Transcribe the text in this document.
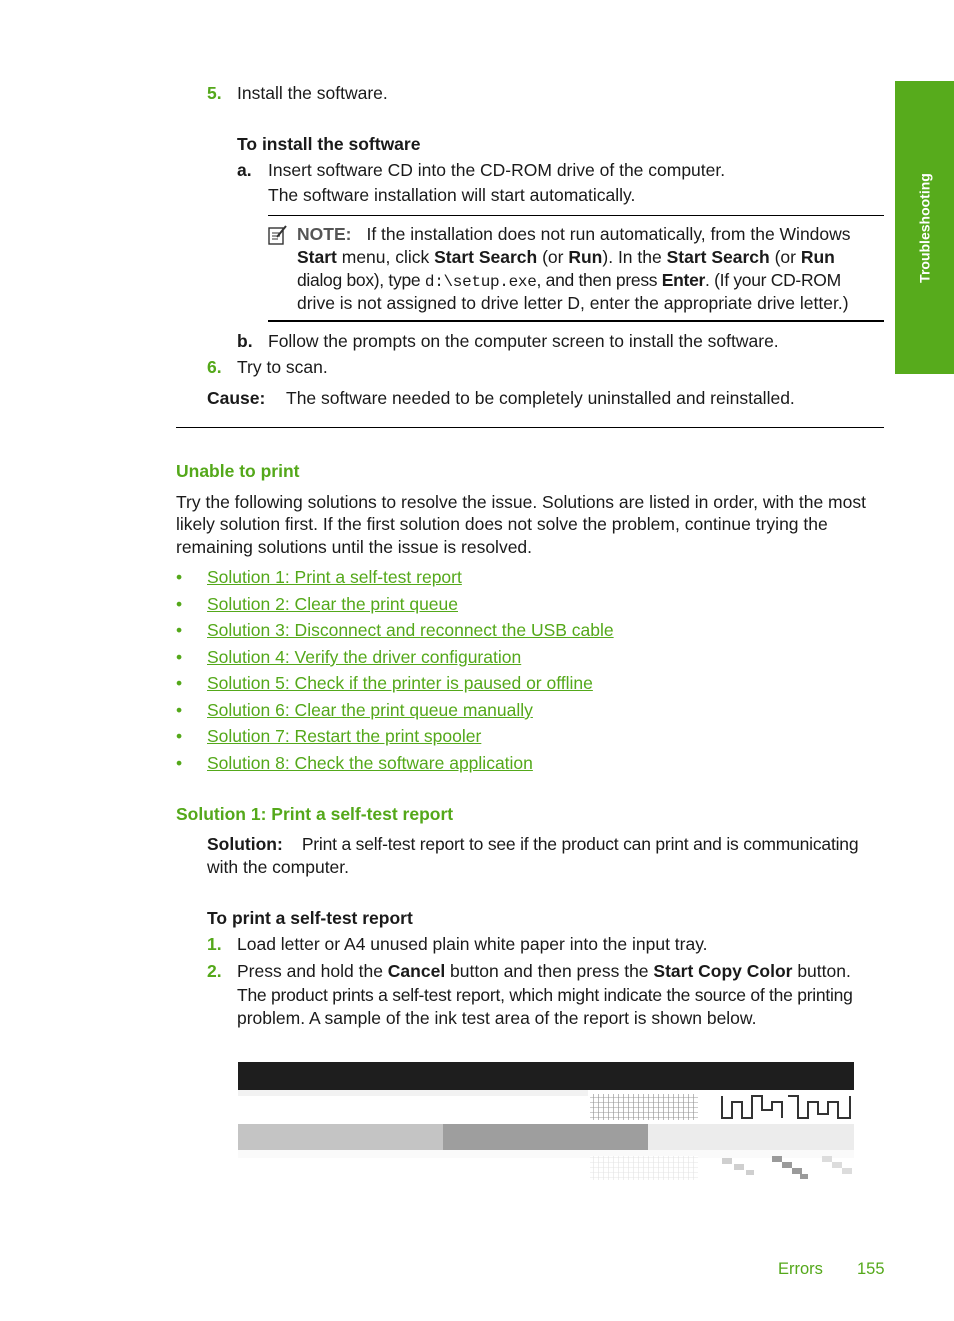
Troubleshooting
5. Install the software.
To install the software
a. Insert software CD into the CD-ROM drive of the computer.
The software installation will start automatically.
NOTE: If the installation does not run automatically, from the Windows
Start menu, click Start Search (or Run). In the Start Search (or Run
dialog box), type d:\setup.exe, and then press Enter. (If your CD-ROM
drive is not assigned to drive letter D, enter the appropriate drive letter.)
b. Follow the prompts on the computer screen to install the software.
6. Try to scan.
Cause: The software needed to be completely uninstalled and reinstalled.
Unable to print
Try the following solutions to resolve the issue. Solutions are listed in order, with the most
likely solution first. If the first solution does not solve the problem, continue trying the
remaining solutions until the issue is resolved.
• Solution 1: Print a self-test report
• Solution 2: Clear the print queue
• Solution 3: Disconnect and reconnect the USB cable
• Solution 4: Verify the driver configuration
• Solution 5: Check if the printer is paused or offline
• Solution 6: Clear the print queue manually
• Solution 7: Restart the print spooler
• Solution 8: Check the software application
Solution 1: Print a self-test report
Solution: Print a self-test report to see if the product can print and is communicating
with the computer.
To print a self-test report
1. Load letter or A4 unused plain white paper into the input tray.
2. Press and hold the Cancel button and then press the Start Copy Color button.
The product prints a self-test report, which might indicate the source of the printing
problem. A sample of the ink test area of the report is shown below.
Errors 155
